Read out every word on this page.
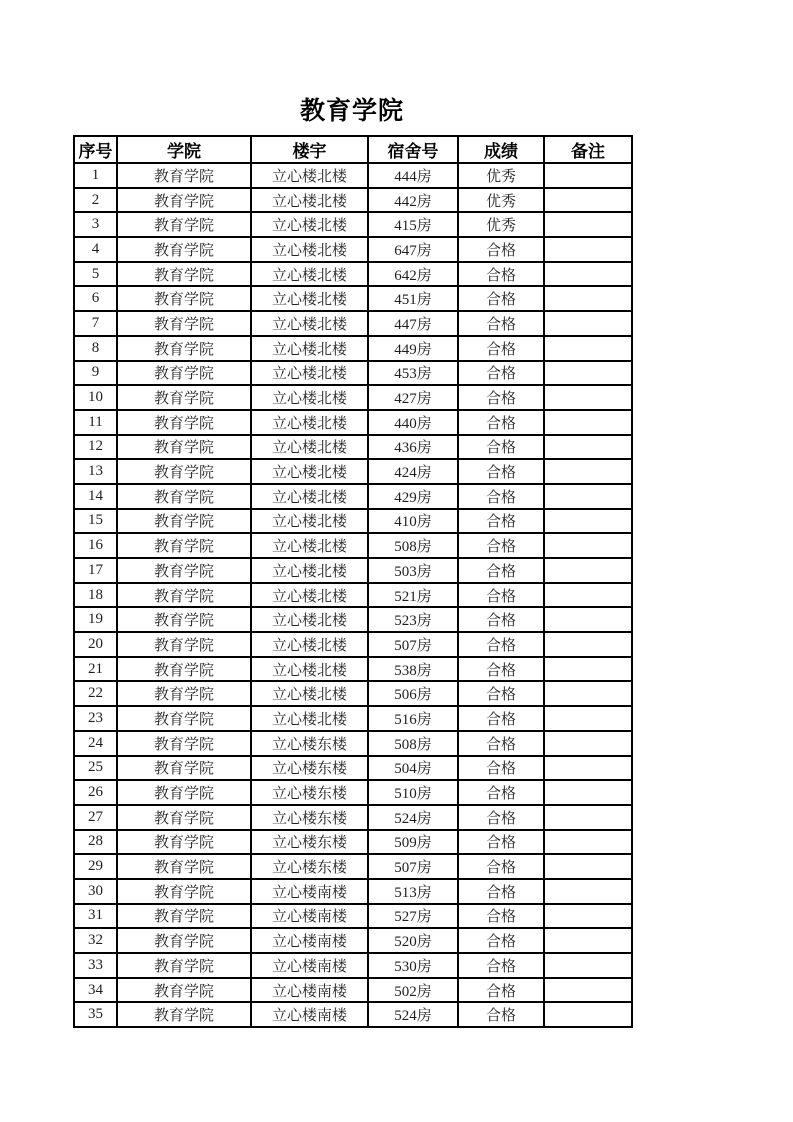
教育学院
序号	学院	楼宇	宿舍号	成绩	备注
1	教育学院	立心楼北楼	444房	优秀	
2	教育学院	立心楼北楼	442房	优秀	
3	教育学院	立心楼北楼	415房	优秀	
4	教育学院	立心楼北楼	647房	合格	
5	教育学院	立心楼北楼	642房	合格	
6	教育学院	立心楼北楼	451房	合格	
7	教育学院	立心楼北楼	447房	合格	
8	教育学院	立心楼北楼	449房	合格	
9	教育学院	立心楼北楼	453房	合格	
10	教育学院	立心楼北楼	427房	合格	
11	教育学院	立心楼北楼	440房	合格	
12	教育学院	立心楼北楼	436房	合格	
13	教育学院	立心楼北楼	424房	合格	
14	教育学院	立心楼北楼	429房	合格	
15	教育学院	立心楼北楼	410房	合格	
16	教育学院	立心楼北楼	508房	合格	
17	教育学院	立心楼北楼	503房	合格	
18	教育学院	立心楼北楼	521房	合格	
19	教育学院	立心楼北楼	523房	合格	
20	教育学院	立心楼北楼	507房	合格	
21	教育学院	立心楼北楼	538房	合格	
22	教育学院	立心楼北楼	506房	合格	
23	教育学院	立心楼北楼	516房	合格	
24	教育学院	立心楼东楼	508房	合格	
25	教育学院	立心楼东楼	504房	合格	
26	教育学院	立心楼东楼	510房	合格	
27	教育学院	立心楼东楼	524房	合格	
28	教育学院	立心楼东楼	509房	合格	
29	教育学院	立心楼东楼	507房	合格	
30	教育学院	立心楼南楼	513房	合格	
31	教育学院	立心楼南楼	527房	合格	
32	教育学院	立心楼南楼	520房	合格	
33	教育学院	立心楼南楼	530房	合格	
34	教育学院	立心楼南楼	502房	合格	
35	教育学院	立心楼南楼	524房	合格	
